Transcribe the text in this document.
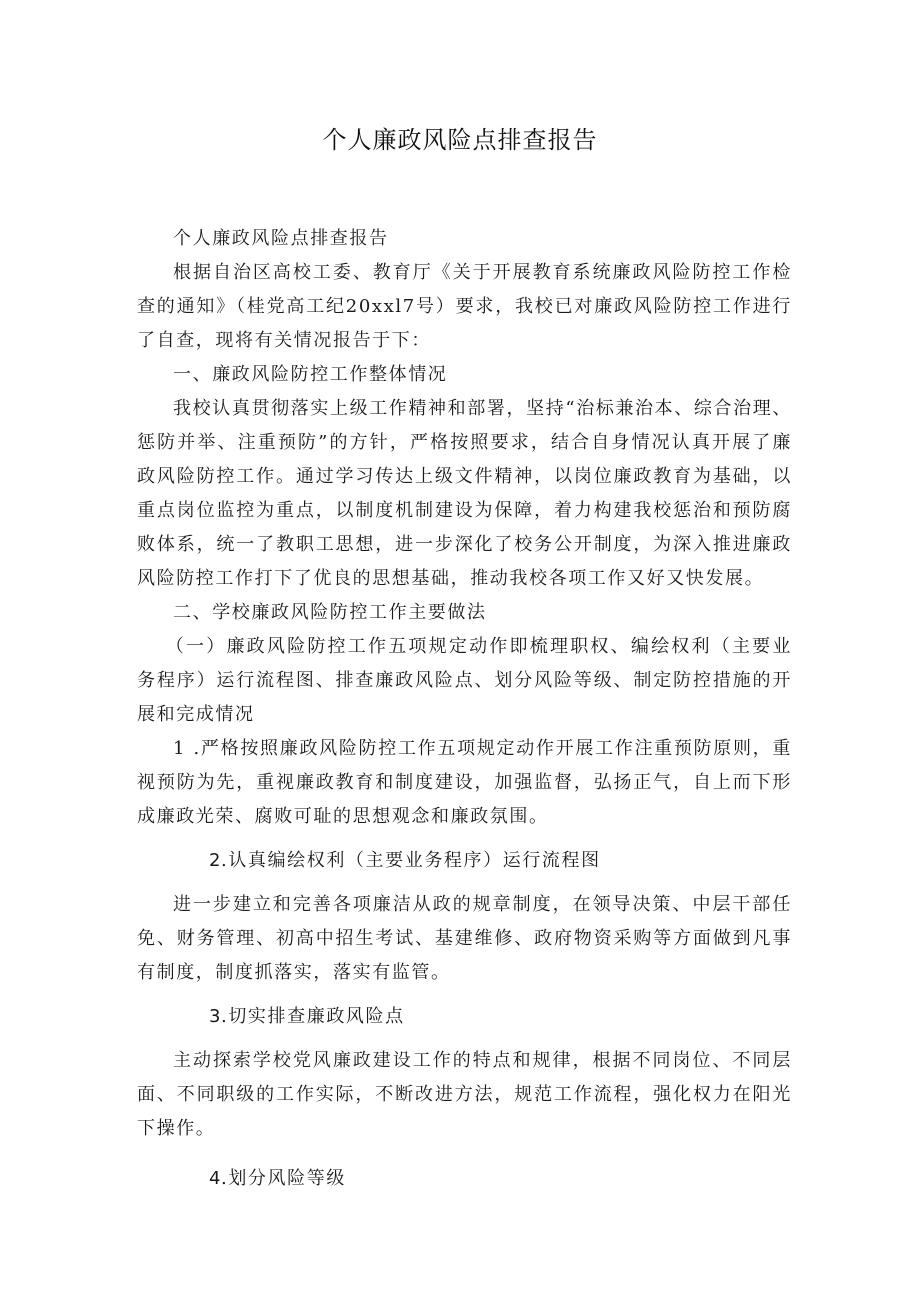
个人廉政风险点排查报告

个人廉政风险点排查报告

根据自治区高校工委、教育厅《关于开展教育系统廉政风险防控工作检查的通知》（桂党高工纪20xxl7号）要求，我校已对廉政风险防控工作进行了自查，现将有关情况报告于下：

一、廉政风险防控工作整体情况

我校认真贯彻落实上级工作精神和部署，坚持“治标兼治本、综合治理、惩防并举、注重预防”的方针，严格按照要求，结合自身情况认真开展了廉政风险防控工作。通过学习传达上级文件精神，以岗位廉政教育为基础，以重点岗位监控为重点，以制度机制建设为保障，着力构建我校惩治和预防腐败体系，统一了教职工思想，进一步深化了校务公开制度，为深入推进廉政风险防控工作打下了优良的思想基础，推动我校各项工作又好又快发展。

二、学校廉政风险防控工作主要做法

（一）廉政风险防控工作五项规定动作即梳理职权、编绘权利（主要业务程序）运行流程图、排查廉政风险点、划分风险等级、制定防控措施的开展和完成情况

1 .严格按照廉政风险防控工作五项规定动作开展工作注重预防原则，重视预防为先，重视廉政教育和制度建设，加强监督，弘扬正气，自上而下形成廉政光荣、腐败可耻的思想观念和廉政氛围。

2.认真编绘权利（主要业务程序）运行流程图

进一步建立和完善各项廉洁从政的规章制度，在领导决策、中层干部任免、财务管理、初高中招生考试、基建维修、政府物资采购等方面做到凡事有制度，制度抓落实，落实有监管。

3.切实排查廉政风险点

主动探索学校党风廉政建设工作的特点和规律，根据不同岗位、不同层面、不同职级的工作实际，不断改进方法，规范工作流程，强化权力在阳光下操作。

4.划分风险等级
